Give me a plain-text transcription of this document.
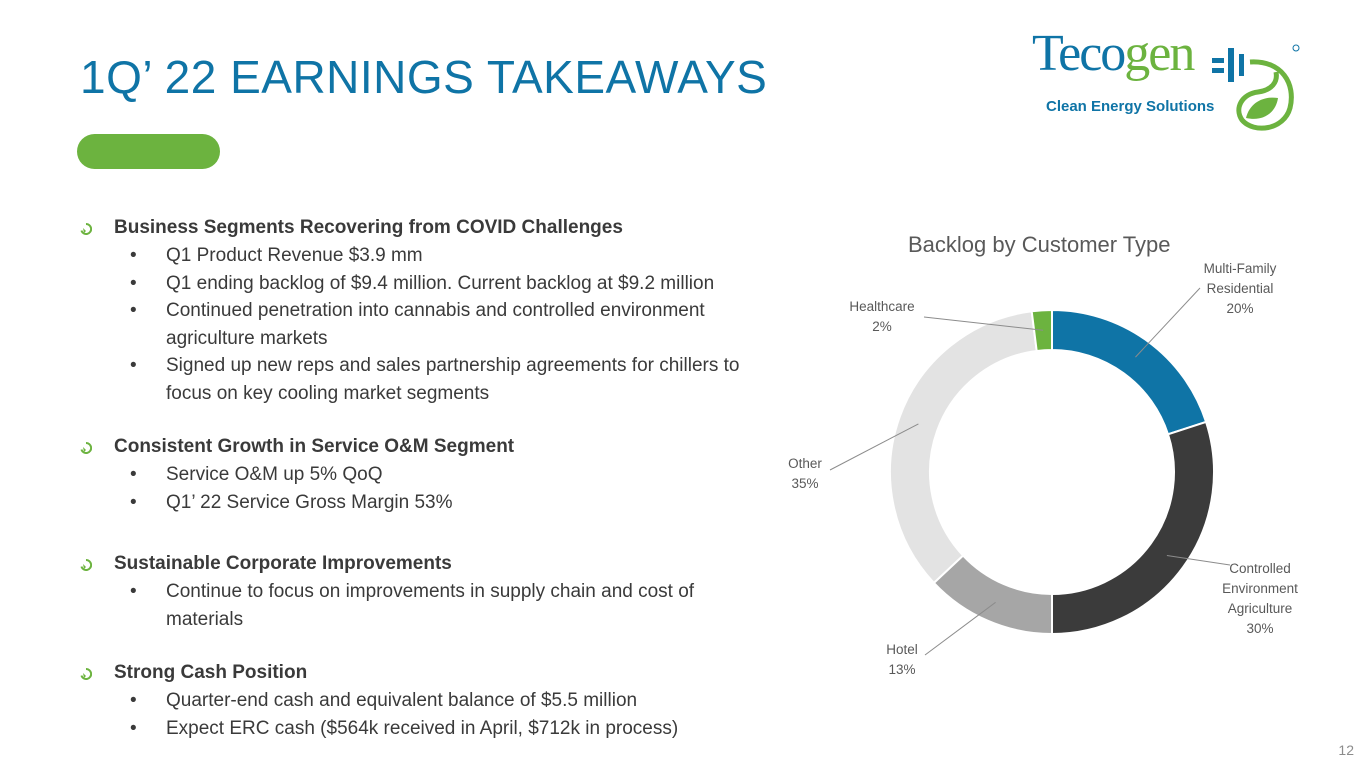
1Q’ 22 EARNINGS TAKEAWAYS	Tecogen
Clean Energy Solutions
Business Segments Recovering from COVID Challenges
• Q1 Product Revenue $3.9 mm
• Q1 ending backlog of $9.4 million. Current backlog at $9.2 million
• Continued penetration into cannabis and controlled environment
agriculture markets
• Signed up new reps and sales partnership agreements for chillers to
focus on key cooling market segments
Consistent Growth in Service O&M Segment
• Service O&M up 5% QoQ
• Q1’ 22 Service Gross Margin 53%
Sustainable Corporate Improvements
• Continue to focus on improvements in supply chain and cost of
materials
Strong Cash Position
• Quarter-end cash and equivalent balance of $5.5 million
• Expect ERC cash ($564k received in April, $712k in process)
Backlog by Customer Type
Multi-Family Residential 20%
Controlled Environment Agriculture 30%
Hotel 13%
Other 35%
Healthcare 2%
12
